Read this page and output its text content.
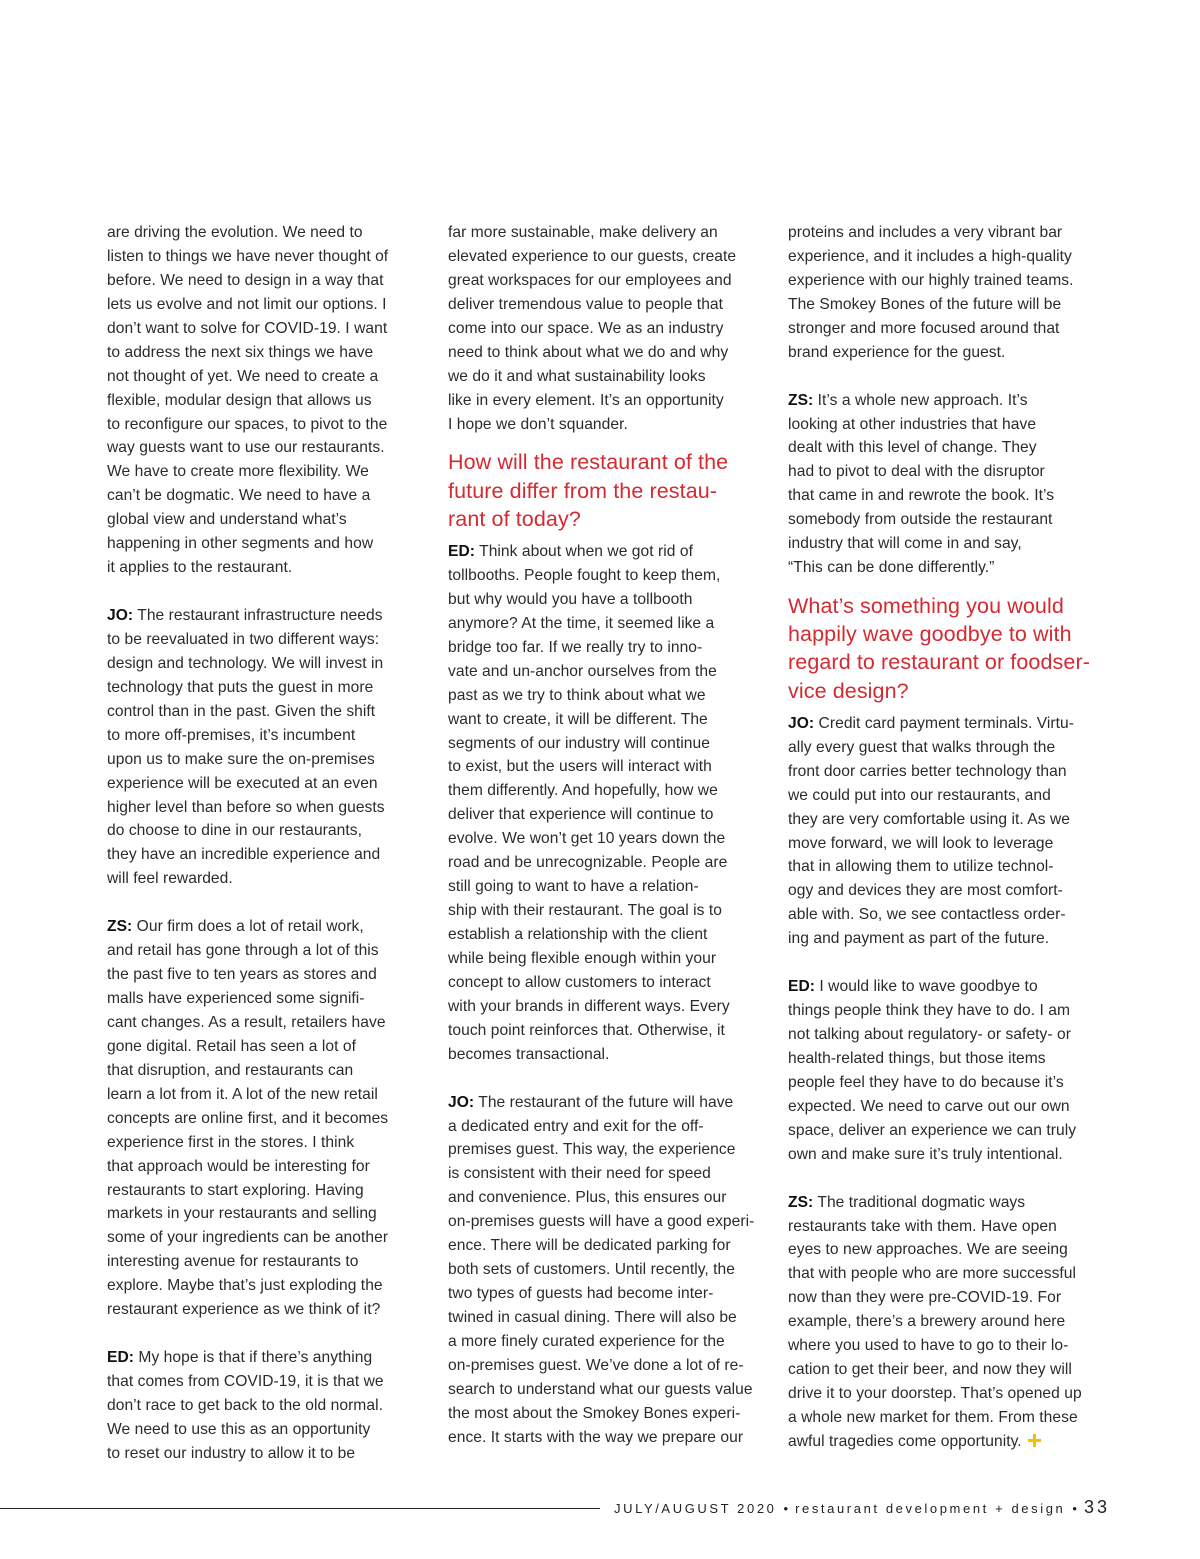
are driving the evolution. We need to
listen to things we have never thought of
before. We need to design in a way that
lets us evolve and not limit our options. I
don’t want to solve for COVID-19. I want
to address the next six things we have
not thought of yet. We need to create a
flexible, modular design that allows us
to reconfigure our spaces, to pivot to the
way guests want to use our restaurants.
We have to create more flexibility. We
can’t be dogmatic. We need to have a
global view and understand what’s
happening in other segments and how
it applies to the restaurant.
JO: The restaurant infrastructure needs
to be reevaluated in two different ways:
design and technology. We will invest in
technology that puts the guest in more
control than in the past. Given the shift
to more off-premises, it’s incumbent
upon us to make sure the on-premises
experience will be executed at an even
higher level than before so when guests
do choose to dine in our restaurants,
they have an incredible experience and
will feel rewarded.
ZS: Our firm does a lot of retail work,
and retail has gone through a lot of this
the past five to ten years as stores and
malls have experienced some signifi-
cant changes. As a result, retailers have
gone digital. Retail has seen a lot of
that disruption, and restaurants can
learn a lot from it. A lot of the new retail
concepts are online first, and it becomes
experience first in the stores. I think
that approach would be interesting for
restaurants to start exploring. Having
markets in your restaurants and selling
some of your ingredients can be another
interesting avenue for restaurants to
explore. Maybe that’s just exploding the
restaurant experience as we think of it?
ED: My hope is that if there’s anything
that comes from COVID-19, it is that we
don’t race to get back to the old normal.
We need to use this as an opportunity
to reset our industry to allow it to be
far more sustainable, make delivery an
elevated experience to our guests, create
great workspaces for our employees and
deliver tremendous value to people that
come into our space. We as an industry
need to think about what we do and why
we do it and what sustainability looks
like in every element. It’s an opportunity
I hope we don’t squander.
How will the restaurant of the
future differ from the restau-
rant of today?
ED: Think about when we got rid of
tollbooths. People fought to keep them,
but why would you have a tollbooth
anymore? At the time, it seemed like a
bridge too far. If we really try to inno-
vate and un-anchor ourselves from the
past as we try to think about what we
want to create, it will be different. The
segments of our industry will continue
to exist, but the users will interact with
them differently. And hopefully, how we
deliver that experience will continue to
evolve. We won’t get 10 years down the
road and be unrecognizable. People are
still going to want to have a relation-
ship with their restaurant. The goal is to
establish a relationship with the client
while being flexible enough within your
concept to allow customers to interact
with your brands in different ways. Every
touch point reinforces that. Otherwise, it
becomes transactional.
JO: The restaurant of the future will have
a dedicated entry and exit for the off-
premises guest. This way, the experience
is consistent with their need for speed
and convenience. Plus, this ensures our
on-premises guests will have a good experi-
ence. There will be dedicated parking for
both sets of customers. Until recently, the
two types of guests had become inter-
twined in casual dining. There will also be
a more finely curated experience for the
on-premises guest. We’ve done a lot of re-
search to understand what our guests value
the most about the Smokey Bones experi-
ence. It starts with the way we prepare our
proteins and includes a very vibrant bar
experience, and it includes a high-quality
experience with our highly trained teams.
The Smokey Bones of the future will be
stronger and more focused around that
brand experience for the guest.
ZS: It’s a whole new approach. It’s
looking at other industries that have
dealt with this level of change. They
had to pivot to deal with the disruptor
that came in and rewrote the book. It’s
somebody from outside the restaurant
industry that will come in and say,
“This can be done differently.”
What’s something you would
happily wave goodbye to with
regard to restaurant or foodser-
vice design?
JO: Credit card payment terminals. Virtu-
ally every guest that walks through the
front door carries better technology than
we could put into our restaurants, and
they are very comfortable using it. As we
move forward, we will look to leverage
that in allowing them to utilize technol-
ogy and devices they are most comfort-
able with. So, we see contactless order-
ing and payment as part of the future.
ED: I would like to wave goodbye to
things people think they have to do. I am
not talking about regulatory- or safety- or
health-related things, but those items
people feel they have to do because it’s
expected. We need to carve out our own
space, deliver an experience we can truly
own and make sure it’s truly intentional.
ZS: The traditional dogmatic ways
restaurants take with them. Have open
eyes to new approaches. We are seeing
that with people who are more successful
now than they were pre-COVID-19. For
example, there’s a brewery around here
where you used to have to go to their lo-
cation to get their beer, and now they will
drive it to your doorstep. That’s opened up
a whole new market for them. From these
awful tragedies come opportunity.
JULY/AUGUST 2020 • restaurant development + design • 33
